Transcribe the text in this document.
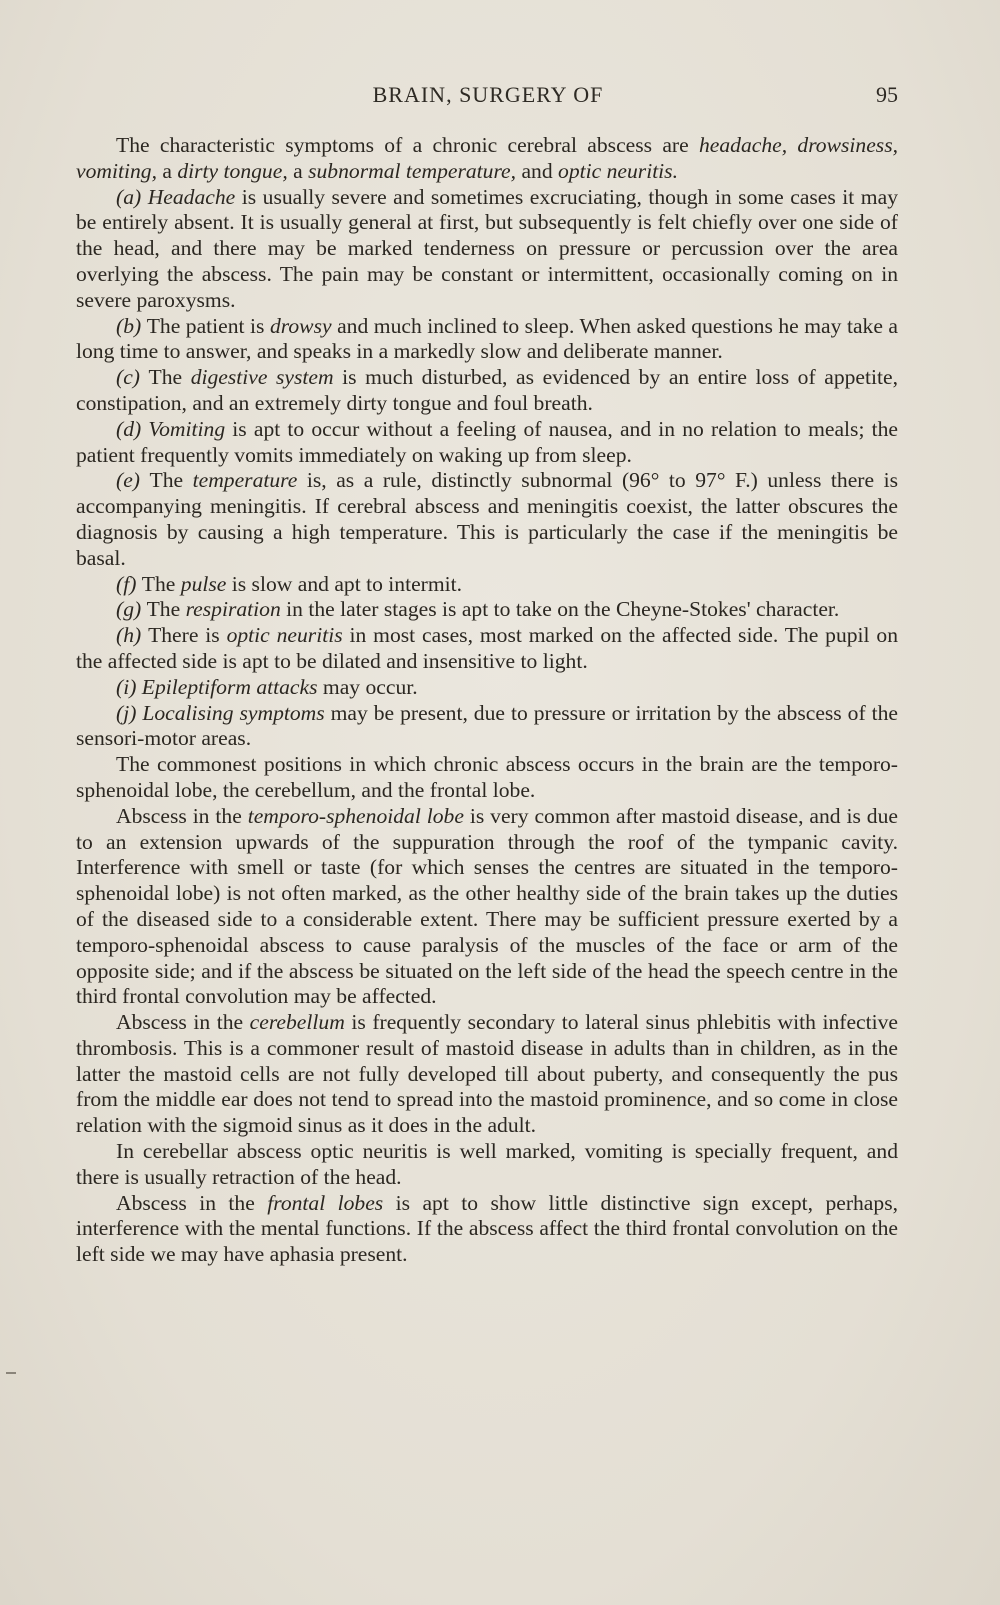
BRAIN, SURGERY OF	95

The characteristic symptoms of a chronic cerebral abscess are headache, drowsiness, vomiting, a dirty tongue, a subnormal temperature, and optic neuritis.

(a) Headache is usually severe and sometimes excruciating, though in some cases it may be entirely absent. It is usually general at first, but subsequently is felt chiefly over one side of the head, and there may be marked tenderness on pressure or percussion over the area overlying the abscess. The pain may be constant or intermittent, occasionally coming on in severe paroxysms.

(b) The patient is drowsy and much inclined to sleep. When asked questions he may take a long time to answer, and speaks in a markedly slow and deliberate manner.

(c) The digestive system is much disturbed, as evidenced by an entire loss of appetite, constipation, and an extremely dirty tongue and foul breath.

(d) Vomiting is apt to occur without a feeling of nausea, and in no relation to meals; the patient frequently vomits immediately on waking up from sleep.

(e) The temperature is, as a rule, distinctly subnormal (96° to 97° F.) unless there is accompanying meningitis. If cerebral abscess and meningitis coexist, the latter obscures the diagnosis by causing a high temperature. This is particularly the case if the meningitis be basal.

(f) The pulse is slow and apt to intermit.

(g) The respiration in the later stages is apt to take on the Cheyne-Stokes' character.

(h) There is optic neuritis in most cases, most marked on the affected side. The pupil on the affected side is apt to be dilated and insensitive to light.

(i) Epileptiform attacks may occur.

(j) Localising symptoms may be present, due to pressure or irritation by the abscess of the sensori-motor areas.

The commonest positions in which chronic abscess occurs in the brain are the temporo-sphenoidal lobe, the cerebellum, and the frontal lobe.

Abscess in the temporo-sphenoidal lobe is very common after mastoid disease, and is due to an extension upwards of the suppuration through the roof of the tympanic cavity. Interference with smell or taste (for which senses the centres are situated in the temporo-sphenoidal lobe) is not often marked, as the other healthy side of the brain takes up the duties of the diseased side to a considerable extent. There may be sufficient pressure exerted by a temporo-sphenoidal abscess to cause paralysis of the muscles of the face or arm of the opposite side; and if the abscess be situated on the left side of the head the speech centre in the third frontal convolution may be affected.

Abscess in the cerebellum is frequently secondary to lateral sinus phlebitis with infective thrombosis. This is a commoner result of mastoid disease in adults than in children, as in the latter the mastoid cells are not fully developed till about puberty, and consequently the pus from the middle ear does not tend to spread into the mastoid prominence, and so come in close relation with the sigmoid sinus as it does in the adult.

In cerebellar abscess optic neuritis is well marked, vomiting is specially frequent, and there is usually retraction of the head.

Abscess in the frontal lobes is apt to show little distinctive sign except, perhaps, interference with the mental functions. If the abscess affect the third frontal convolution on the left side we may have aphasia present.
